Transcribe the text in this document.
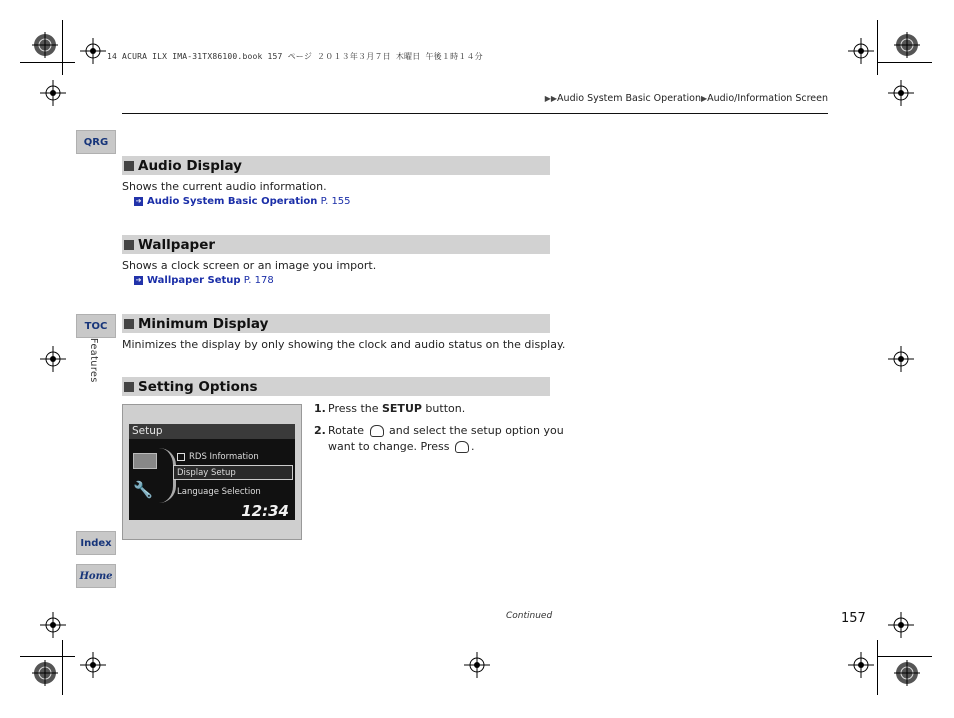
14 ACURA ILX IMA-31TX86100.book 157 ページ ２０１３年３月７日 木曜日 午後１時１４分
▶▶Audio System Basic Operation▶Audio/Information Screen
QRG
TOC
Features
Index
Home
Audio Display
Shows the current audio information.
➔ Audio System Basic Operation P. 155
Wallpaper
Shows a clock screen or an image you import.
➔ Wallpaper Setup P. 178
Minimum Display
Minimizes the display by only showing the clock and audio status on the display.
Setting Options
Setup
🔧
RDS Information
Display Setup
Language Selection
12:34
1. Press the SETUP button.
2. Rotate  and select the setup option you
want to change. Press .
Continued	157
